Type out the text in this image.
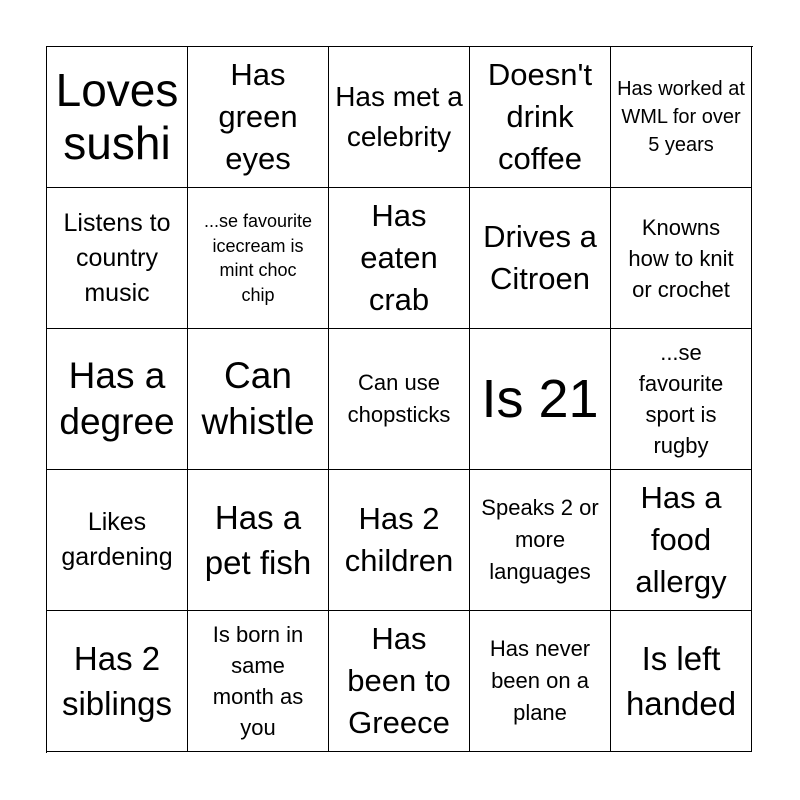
Loves sushi
Has green eyes
Has met a celebrity
Doesn't drink coffee
Has worked at WML for over 5 years
Listens to country music
...se favourite icecream is mint choc chip
Has eaten crab
Drives a Citroen
Knowns how to knit or crochet
Has a degree
Can whistle
Can use chopsticks Is 21
...se favourite sport is rugby
Likes gardening
Has a pet fish
Has 2 children
Speaks 2 or more languages
Has a food allergy
Has 2 siblings
Is born in same month as you
Has been to Greece
Has never been on a plane
Is left handed
